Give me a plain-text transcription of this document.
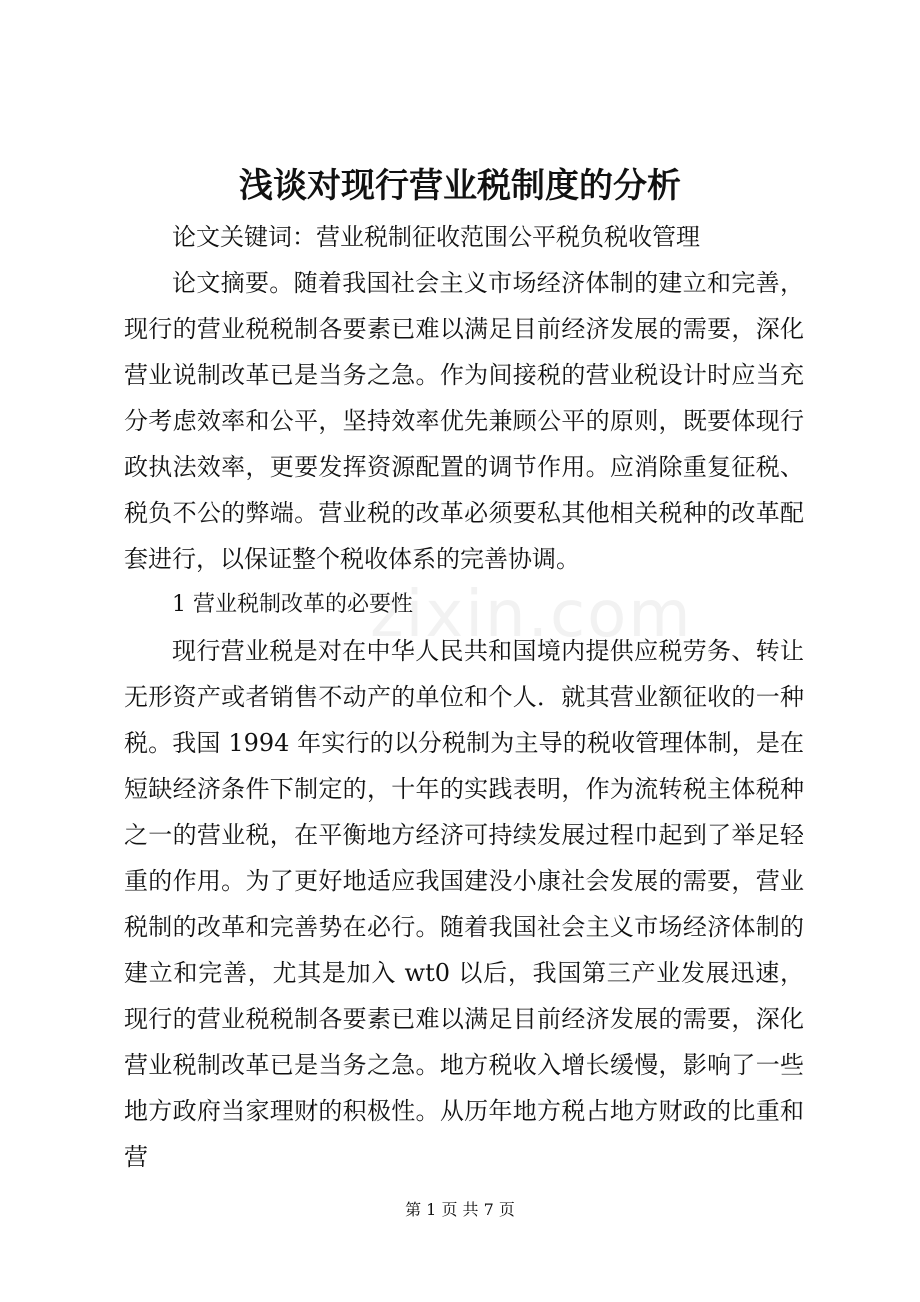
浅谈对现行营业税制度的分析
zixin.com

论文关键词：营业税制征收范围公平税负税收管理

论文摘要。随着我国社会主义市场经济体制的建立和完善，现行的营业税税制各要素已难以满足目前经济发展的需要，深化营业说制改革已是当务之急。作为间接税的营业税设计时应当充分考虑效率和公平，坚持效率优先兼顾公平的原则，既要体现行政执法效率，更要发挥资源配置的调节作用。应消除重复征税、税负不公的弊端。营业税的改革必须要私其他相关税种的改革配套进行，以保证整个税收体系的完善协调。

1 营业税制改革的必要性

现行营业税是对在中华人民共和国境内提供应税劳务、转让无形资产或者销售不动产的单位和个人．就其营业额征收的一种税。我国 1994 年实行的以分税制为主导的税收管理体制，是在短缺经济条件下制定的，十年的实践表明，作为流转税主体税种之一的营业税，在平衡地方经济可持续发展过程巾起到了举足轻重的作用。为了更好地适应我国建没小康社会发展的需要，营业税制的改革和完善势在必行。随着我国社会主义市场经济体制的建立和完善，尤其是加入 wt0 以后，我国第三产业发展迅速，现行的营业税税制各要素已难以满足目前经济发展的需要，深化营业税制改革已是当务之急。地方税收入增长缓慢，影响了一些地方政府当家理财的积极性。从历年地方税占地方财政的比重和营

第 1 页 共 7 页
